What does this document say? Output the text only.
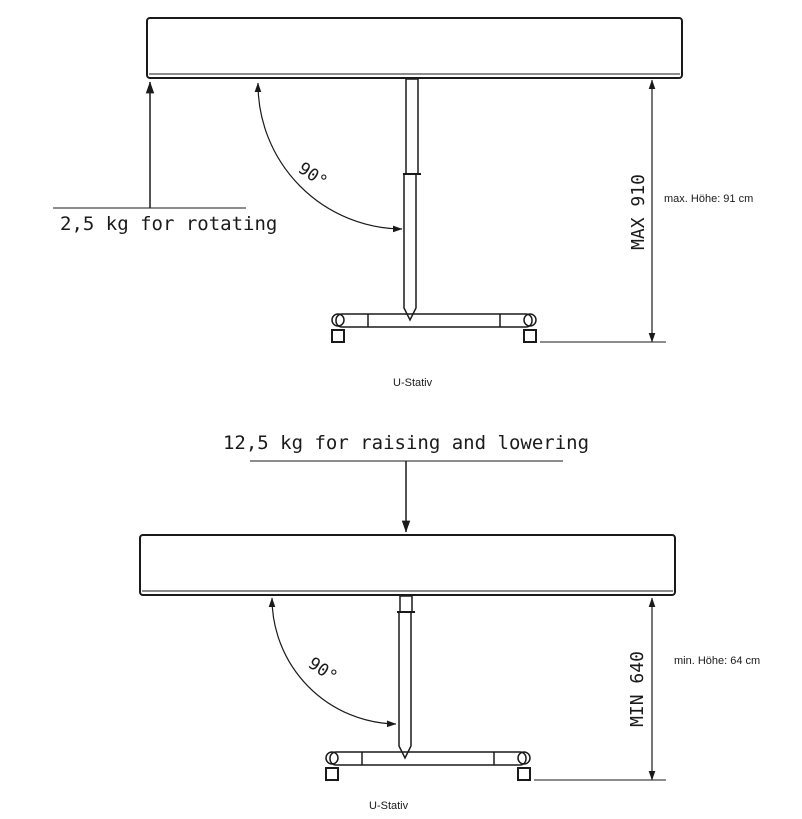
2,5 kg for rotating
90°	MAX 910 max. Höhe: 91 cm
U-Stativ
12,5 kg for raising and lowering
90°	MIN 640 min. Höhe: 64 cm
U-Stativ
